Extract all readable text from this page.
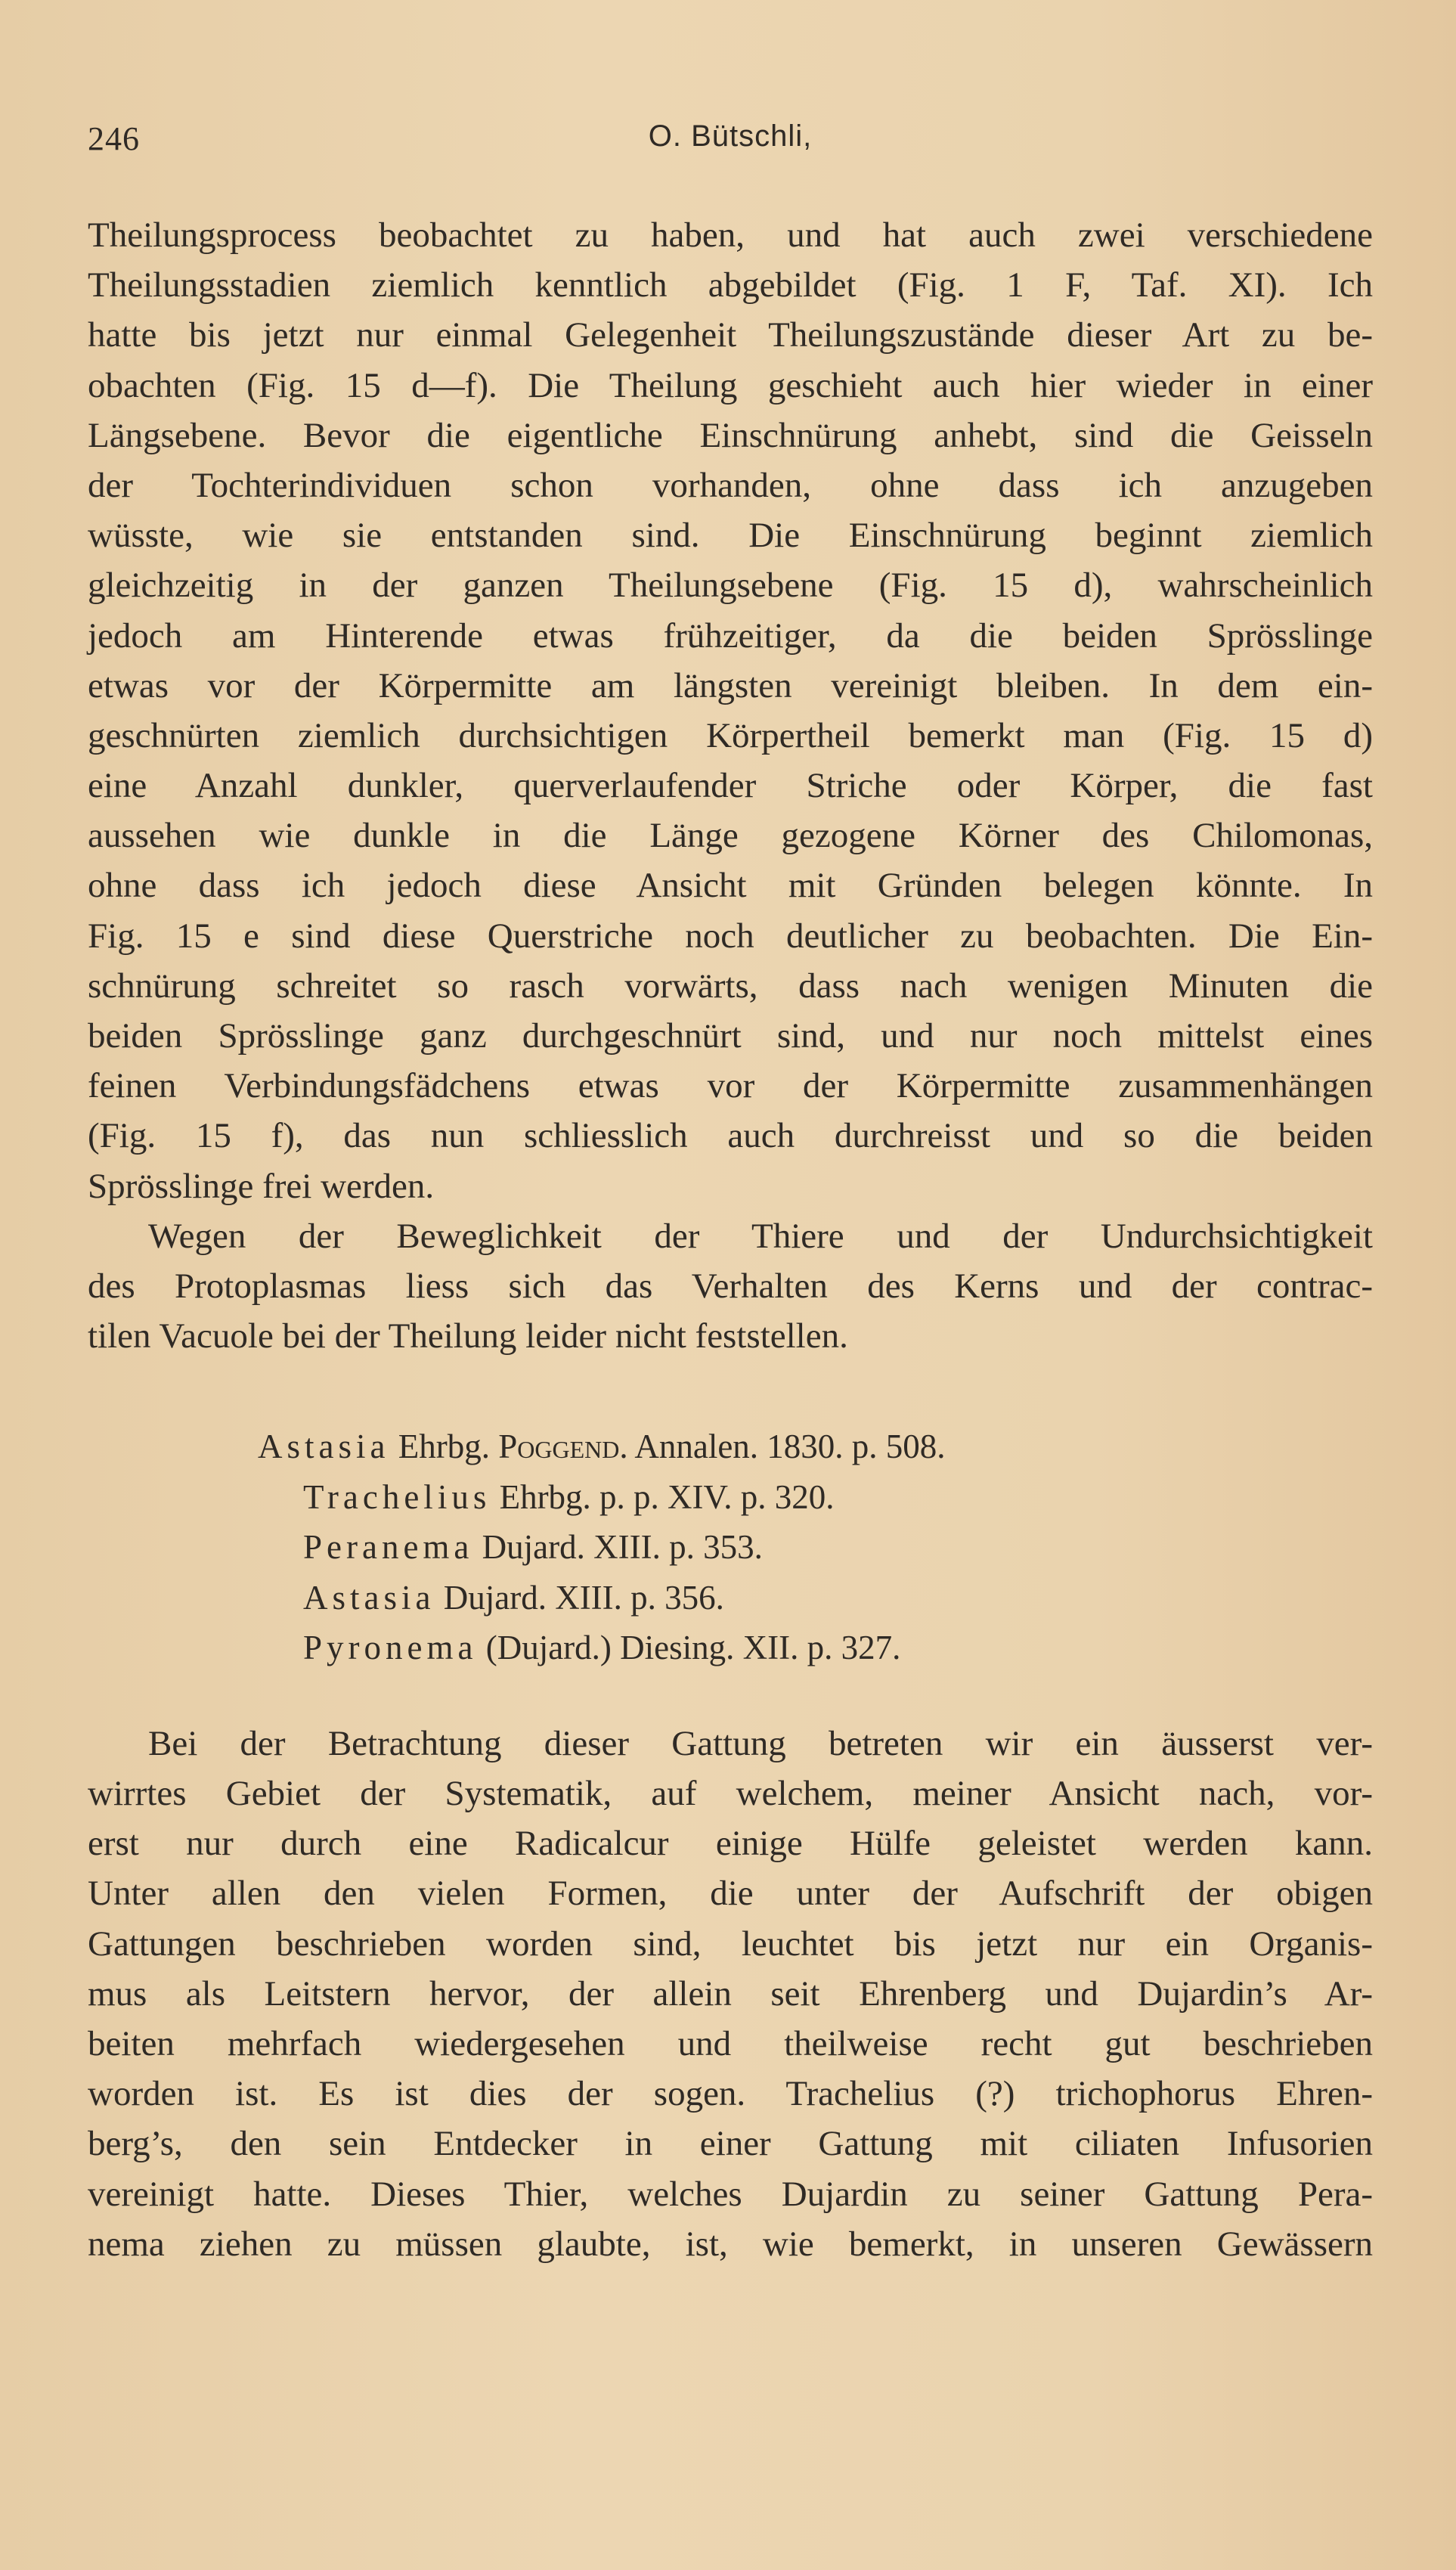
246	O. Bütschli,
Theilungsprocess beobachtet zu haben, und hat auch zwei verschiedene
Theilungsstadien ziemlich kenntlich abgebildet (Fig. 1 F, Taf. XI). Ich
hatte bis jetzt nur einmal Gelegenheit Theilungszustände dieser Art zu be-
obachten (Fig. 15 d—f). Die Theilung geschieht auch hier wieder in einer
Längsebene. Bevor die eigentliche Einschnürung anhebt, sind die Geisseln
der Tochterindividuen schon vorhanden, ohne dass ich anzugeben
wüsste, wie sie entstanden sind. Die Einschnürung beginnt ziemlich
gleichzeitig in der ganzen Theilungsebene (Fig. 15 d), wahrscheinlich
jedoch am Hinterende etwas frühzeitiger, da die beiden Sprösslinge
etwas vor der Körpermitte am längsten vereinigt bleiben. In dem ein-
geschnürten ziemlich durchsichtigen Körpertheil bemerkt man (Fig. 15 d)
eine Anzahl dunkler, querverlaufender Striche oder Körper, die fast
aussehen wie dunkle in die Länge gezogene Körner des Chilomonas,
ohne dass ich jedoch diese Ansicht mit Gründen belegen könnte. In
Fig. 15 e sind diese Querstriche noch deutlicher zu beobachten. Die Ein-
schnürung schreitet so rasch vorwärts, dass nach wenigen Minuten die
beiden Sprösslinge ganz durchgeschnürt sind, und nur noch mittelst eines
feinen Verbindungsfädchens etwas vor der Körpermitte zusammenhängen
(Fig. 15 f), das nun schliesslich auch durchreisst und so die beiden
Sprösslinge frei werden.
Wegen der Beweglichkeit der Thiere und der Undurchsichtigkeit
des Protoplasmas liess sich das Verhalten des Kerns und der contrac-
tilen Vacuole bei der Theilung leider nicht feststellen.
Astasia Ehrbg. Poggend. Annalen. 1830. p. 508.
Trachelius Ehrbg. p. p. XIV. p. 320.
Peranema Dujard. XIII. p. 353.
Astasia Dujard. XIII. p. 356.
Pyronema (Dujard.) Diesing. XII. p. 327.
Bei der Betrachtung dieser Gattung betreten wir ein äusserst ver-
wirrtes Gebiet der Systematik, auf welchem, meiner Ansicht nach, vor-
erst nur durch eine Radicalcur einige Hülfe geleistet werden kann.
Unter allen den vielen Formen, die unter der Aufschrift der obigen
Gattungen beschrieben worden sind, leuchtet bis jetzt nur ein Organis-
mus als Leitstern hervor, der allein seit Ehrenberg und Dujardin’s Ar-
beiten mehrfach wiedergesehen und theilweise recht gut beschrieben
worden ist. Es ist dies der sogen. Trachelius (?) trichophorus Ehren-
berg’s, den sein Entdecker in einer Gattung mit ciliaten Infusorien
vereinigt hatte. Dieses Thier, welches Dujardin zu seiner Gattung Pera-
nema ziehen zu müssen glaubte, ist, wie bemerkt, in unseren Gewässern
